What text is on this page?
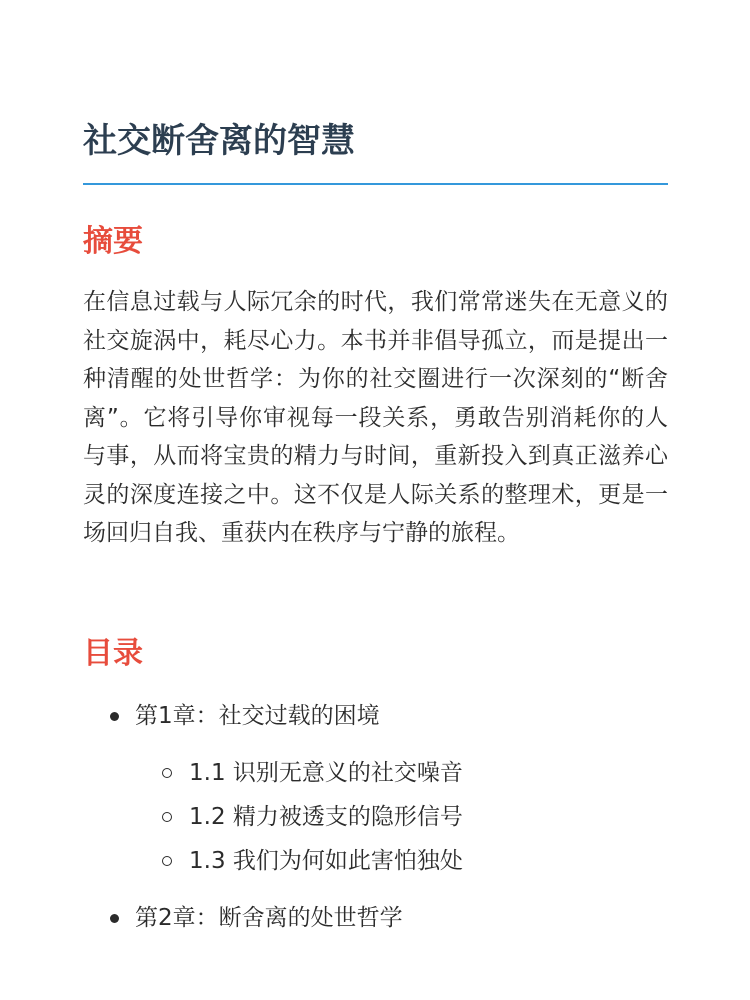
社交断舍离的智慧
摘要

在信息过载与人际冗余的时代，我们常常迷失在无意义的社交旋涡中，耗尽心力。本书并非倡导孤立，而是提出一种清醒的处世哲学：为你的社交圈进行一次深刻的“断舍离”。它将引导你审视每一段关系，勇敢告别消耗你的人与事，从而将宝贵的精力与时间，重新投入到真正滋养心灵的深度连接之中。这不仅是人际关系的整理术，更是一场回归自我、重获内在秩序与宁静的旅程。

目录
第1章：社交过载的困境
1.1 识别无意义的社交噪音
1.2 精力被透支的隐形信号
1.3 我们为何如此害怕独处
第2章：断舍离的处世哲学
